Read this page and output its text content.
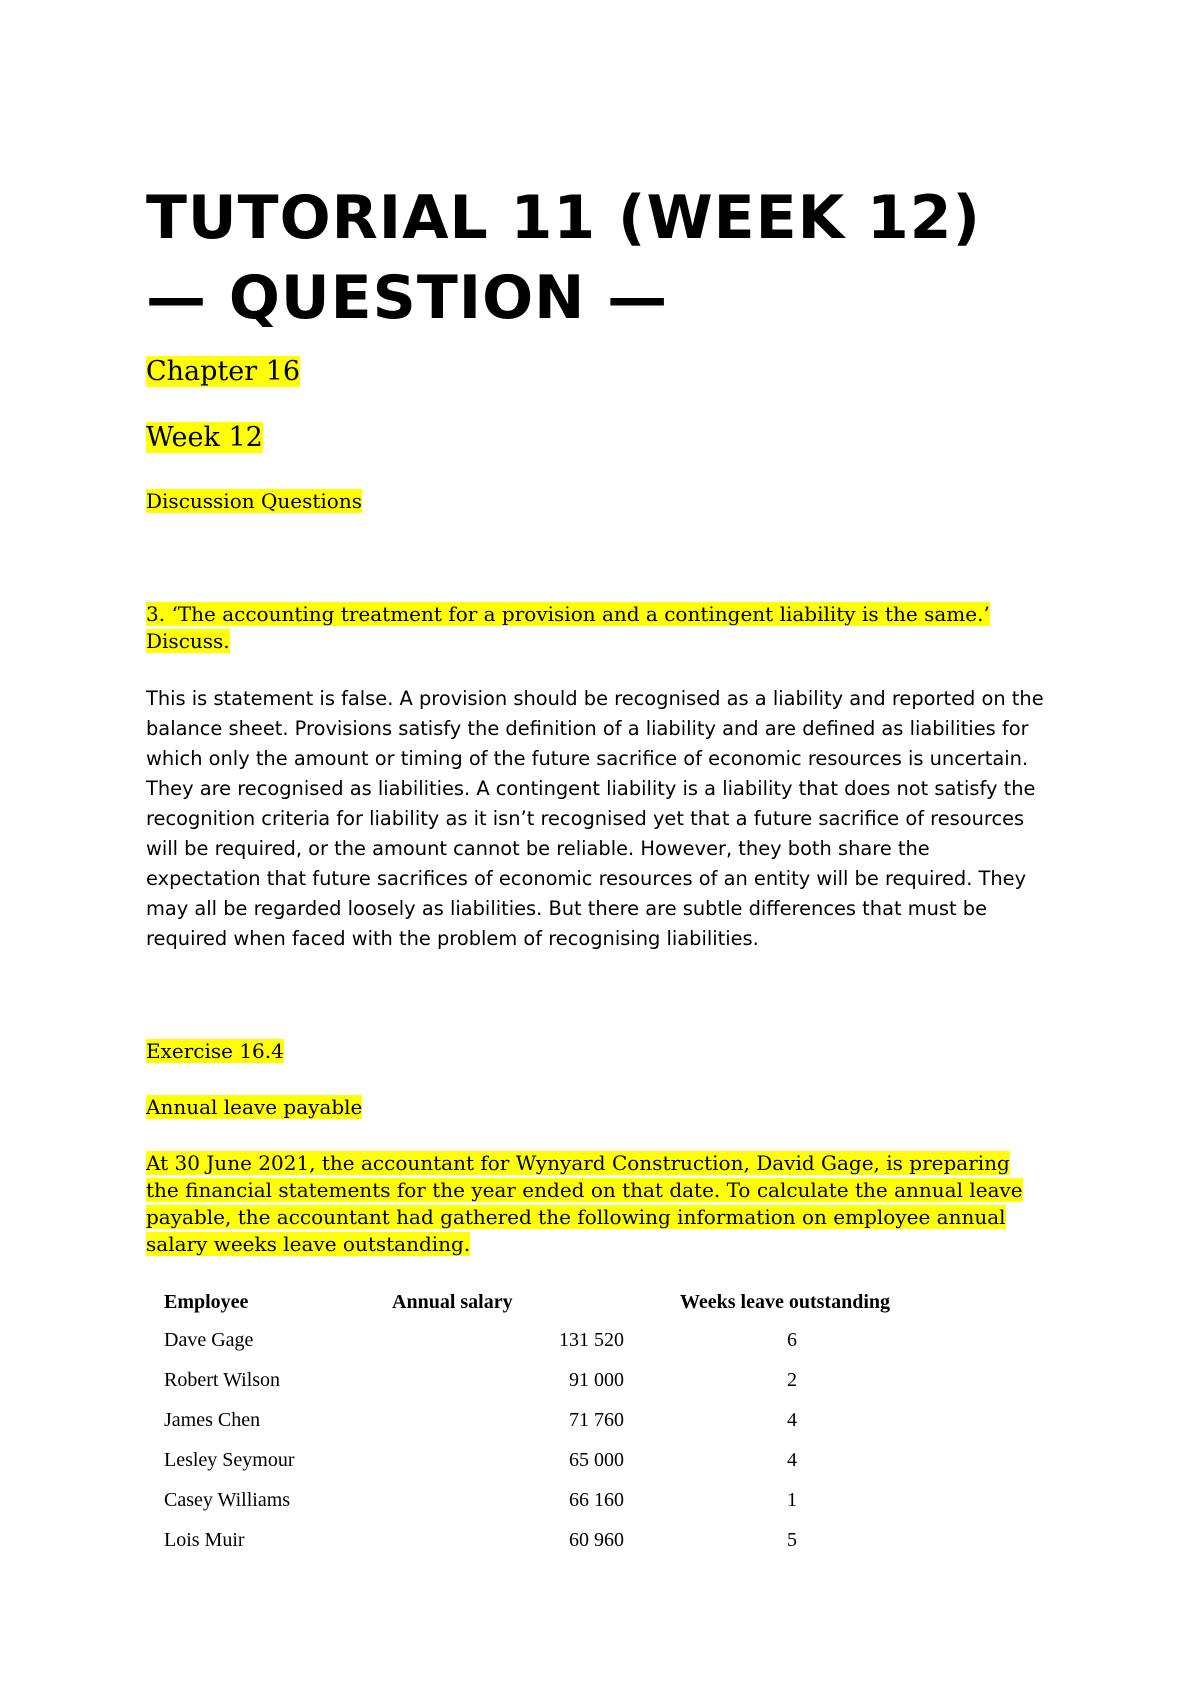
TUTORIAL 11 (WEEK 12)
— QUESTION —

Chapter 16

Week 12

Discussion Questions

3. ‘The accounting treatment for a provision and a contingent liability is the same.’
Discuss.

This is statement is false. A provision should be recognised as a liability and reported on the
balance sheet. Provisions satisfy the definition of a liability and are defined as liabilities for
which only the amount or timing of the future sacrifice of economic resources is uncertain.
They are recognised as liabilities. A contingent liability is a liability that does not satisfy the
recognition criteria for liability as it isn’t recognised yet that a future sacrifice of resources
will be required, or the amount cannot be reliable. However, they both share the
expectation that future sacrifices of economic resources of an entity will be required. They
may all be regarded loosely as liabilities. But there are subtle differences that must be
required when faced with the problem of recognising liabilities.

Exercise 16.4

Annual leave payable

At 30 June 2021, the accountant for Wynyard Construction, David Gage, is preparing
the financial statements for the year ended on that date. To calculate the annual leave
payable, the accountant had gathered the following information on employee annual
salary weeks leave outstanding.

Employee	Annual salary	Weeks leave outstanding
Dave Gage	131 520	6
Robert Wilson	91 000	2
James Chen	71 760	4
Lesley Seymour	65 000	4
Casey Williams	66 160	1
Lois Muir	60 960	5
